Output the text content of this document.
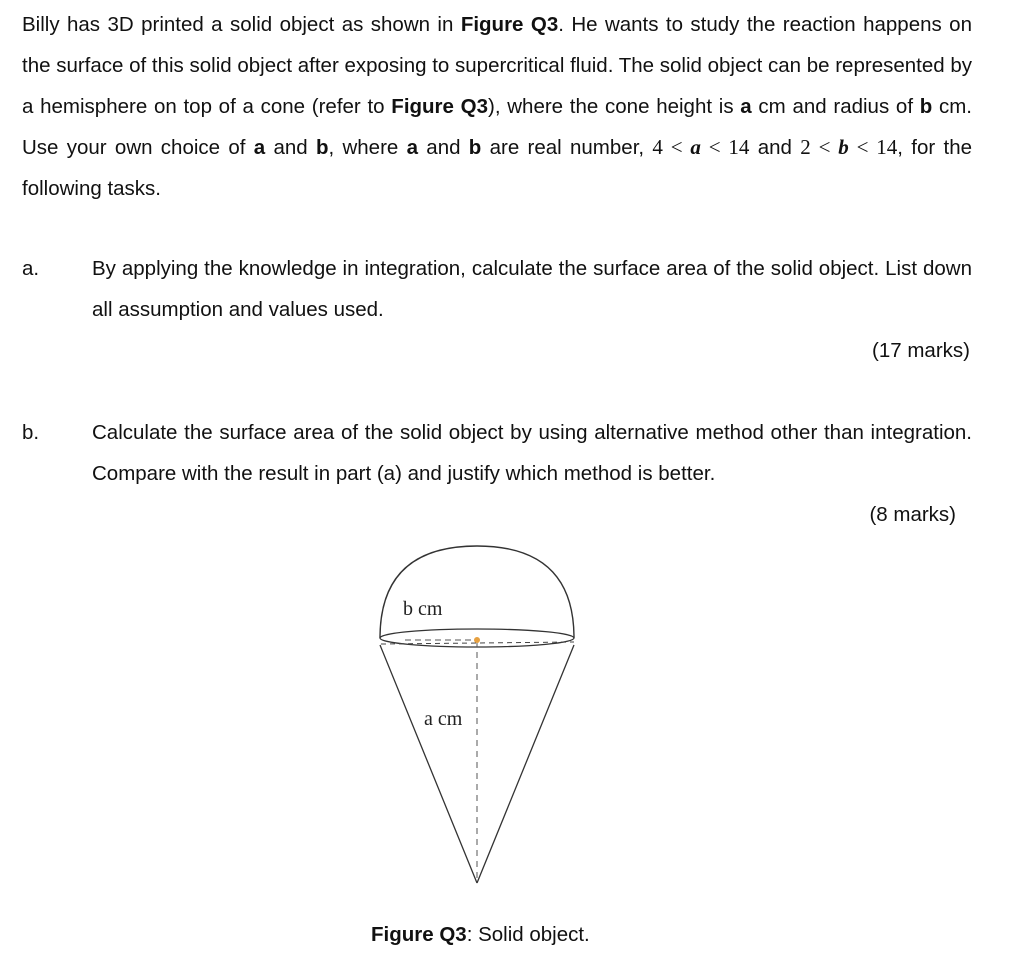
Billy has 3D printed a solid object as shown in Figure Q3. He wants to study the reaction happens on the surface of this solid object after exposing to supercritical fluid. The solid object can be represented by a hemisphere on top of a cone (refer to Figure Q3), where the cone height is a cm and radius of b cm. Use your own choice of a and b, where a and b are real number, 4 < a < 14 and 2 < b < 14, for the following tasks.
a.	By applying the knowledge in integration, calculate the surface area of the solid object. List down all assumption and values used.
(17 marks)
b.	Calculate the surface area of the solid object by using alternative method other than integration. Compare with the result in part (a) and justify which method is better.
(8 marks)
b cm
a cm
Figure Q3: Solid object.
